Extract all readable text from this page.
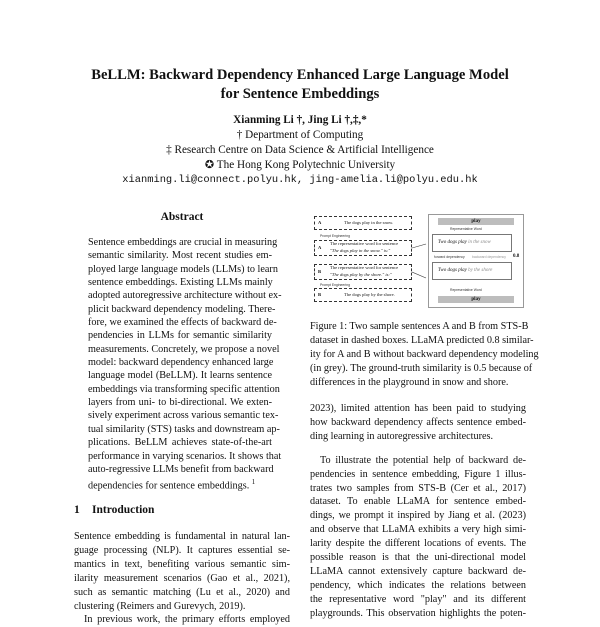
BeLLM: Backward Dependency Enhanced Large Language Model
for Sentence Embeddings
Xianming Li †, Jing Li †,‡,*
† Department of Computing
‡ Research Centre on Data Science & Artificial Intelligence
✪ The Hong Kong Polytechnic University
xianming.li@connect.polyu.hk, jing-amelia.li@polyu.edu.hk
Abstract
Sentence embeddings are crucial in measuring
semantic similarity. Most recent studies em-
ployed large language models (LLMs) to learn
sentence embeddings. Existing LLMs mainly
adopted autoregressive architecture without ex-
plicit backward dependency modeling. There-
fore, we examined the effects of backward de-
pendencies in LLMs for semantic similarity
measurements. Concretely, we propose a novel
model: backward dependency enhanced large
language model (BeLLM). It learns sentence
embeddings via transforming specific attention
layers from uni- to bi-directional. We exten-
sively experiment across various semantic tex-
tual similarity (STS) tasks and downstream ap-
plications. BeLLM achieves state-of-the-art
performance in varying scenarios. It shows that
auto-regressive LLMs benefit from backward
dependencies for sentence embeddings. $^1$
1 Introduction
Sentence embedding is fundamental in natural lan-
guage processing (NLP). It captures essential se-
mantics in text, benefiting various semantic sim-
ilarity measurement scenarios (Gao et al., 2021),
such as semantic matching (Lu et al., 2020) and
clustering (Reimers and Gurevych, 2019).
In previous work, the primary efforts employed
A	The dogs play in the snow.
Prompt Engineering
A
The representative word for sentence
"The dogs play in the snow." is:"
B
The representative word for sentence
"The dogs play by the shore." is:"
Prompt Engineering
B	The dogs play by the shore.
play
Representative Word
Two dogs play in the snow
forward dependency backward dependency
Two dogs play by the shore
0.8
Representative Word
play
Figure 1: Two sample sentences A and B from STS-B
dataset in dashed boxes. LLaMA predicted 0.8 similar-
ity for A and B without backward dependency modeling
(in grey). The ground-truth similarity is 0.5 because of
differences in the playground in snow and shore.
2023), limited attention has been paid to studying
how backward dependency affects sentence embed-
ding learning in autoregressive architectures.
To illustrate the potential help of backward de-
pendencies in sentence embedding, Figure 1 illus-
trates two samples from STS-B (Cer et al., 2017)
dataset. To enable LLaMA for sentence embed-
dings, we prompt it inspired by Jiang et al. (2023)
and observe that LLaMA exhibits a very high simi-
larity despite the different locations of events. The
possible reason is that the uni-directional model
LLaMA cannot extensively capture backward de-
pendency, which indicates the relations between
the representative word "play" and its different
playgrounds. This observation highlights the poten-
